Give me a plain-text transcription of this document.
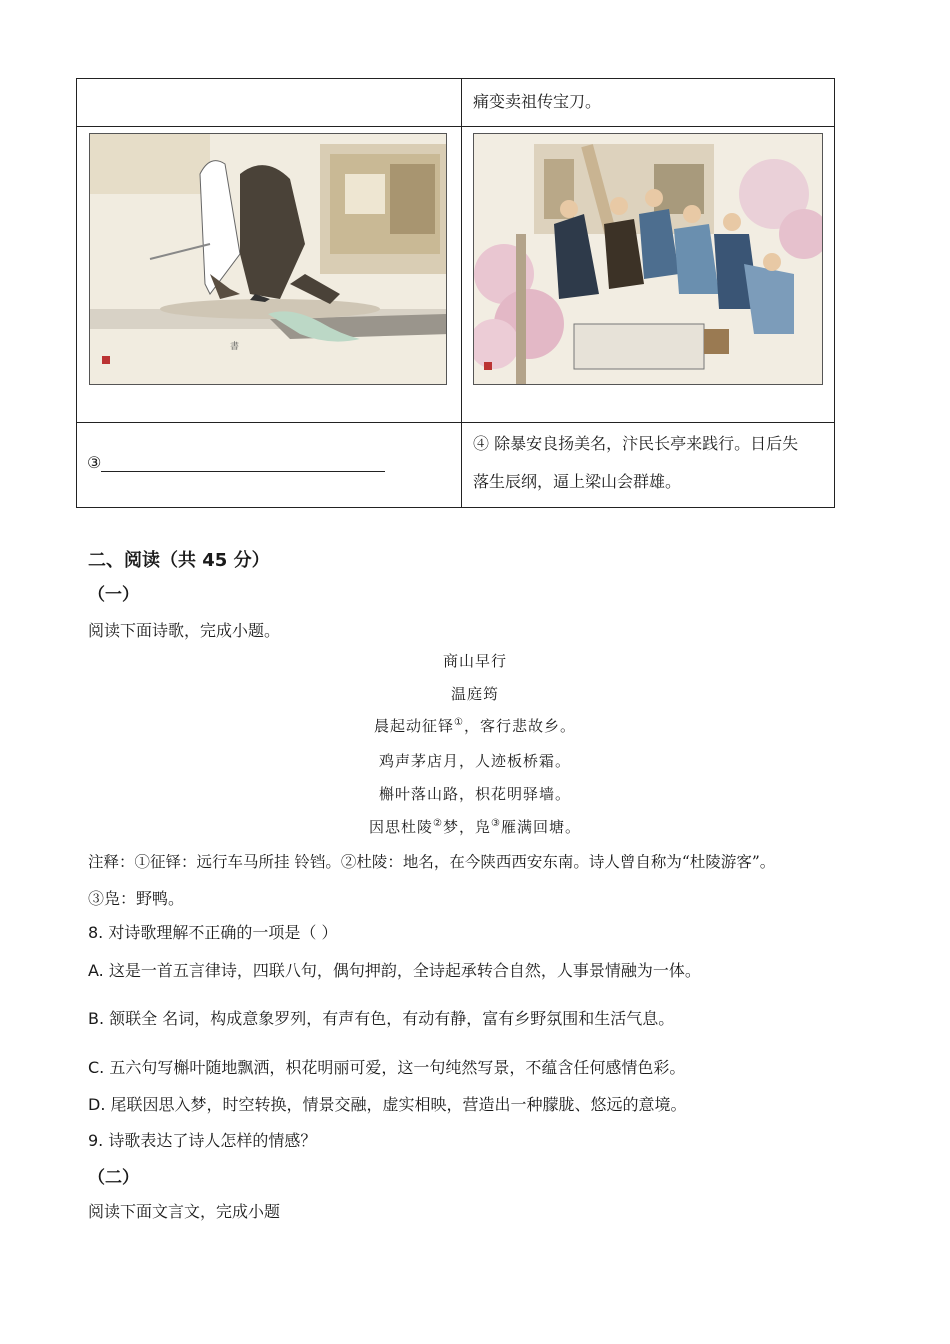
痛变卖祖传宝刀。
書
③
④ 除暴安良扬美名，汴民长亭来践行。日后失
落生辰纲，逼上梁山会群雄。
二、阅读（共 45 分）
（一）
阅读下面诗歌，完成小题。
商山早行
温庭筠
晨起动征铎①，客行悲故乡。
鸡声茅店月，人迹板桥霜。
槲叶落山路，枳花明驿墙。
因思杜陵②梦，凫③雁满回塘。
注释：①征铎：远行车马所挂 铃铛。②杜陵：地名，在今陕西西安东南。诗人曾自称为“杜陵游客”。
③凫：野鸭。
8. 对诗歌理解不正确的一项是（ ）
A. 这是一首五言律诗，四联八句，偶句押韵，全诗起承转合自然，人事景情融为一体。
B. 颔联全 名词，构成意象罗列，有声有色，有动有静，富有乡野氛围和生活气息。
C. 五六句写槲叶随地飘洒，枳花明丽可爱，这一句纯然写景，不蕴含任何感情色彩。
D. 尾联因思入梦，时空转换，情景交融，虚实相映，营造出一种朦胧、悠远的意境。
9. 诗歌表达了诗人怎样的情感？
（二）
阅读下面文言文，完成小题
